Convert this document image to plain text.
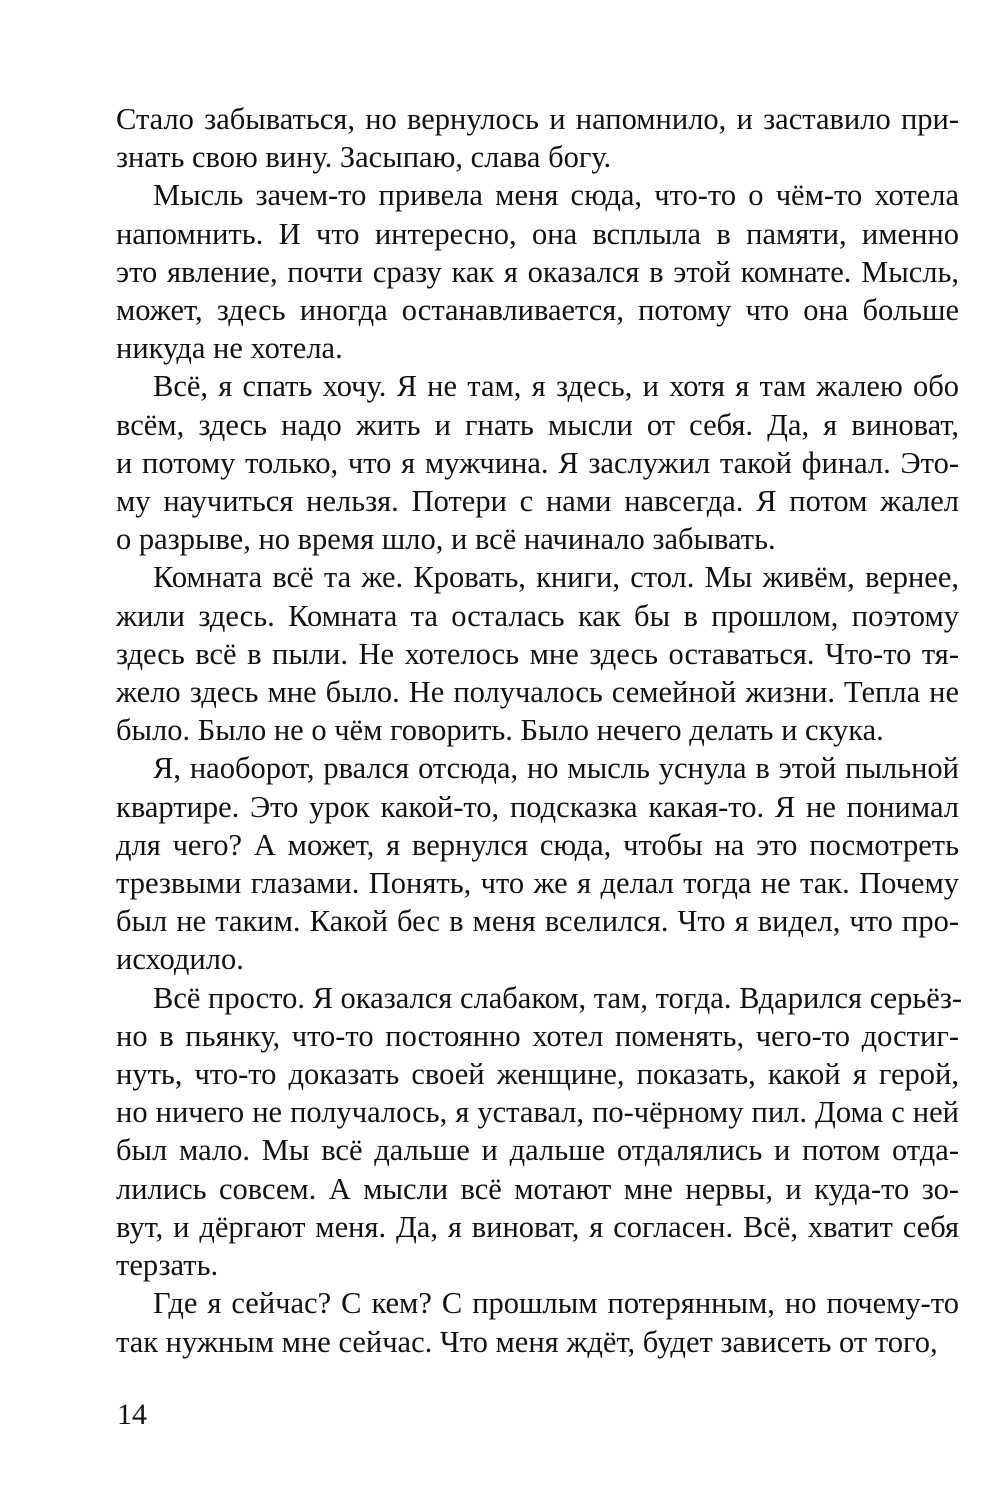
Стало забываться, но вернулось и напомнило, и заставило при-
знать свою вину. Засыпаю, слава богу.
Мысль зачем-то привела меня сюда, что-то о чём-то хотела
напомнить. И что интересно, она всплыла в памяти, именно
это явление, почти сразу как я оказался в этой комнате. Мысль,
может, здесь иногда останавливается, потому что она больше
никуда не хотела.
Всё, я спать хочу. Я не там, я здесь, и хотя я там жалею обо
всём, здесь надо жить и гнать мысли от себя. Да, я виноват,
и потому только, что я мужчина. Я заслужил такой финал. Это-
му научиться нельзя. Потери с нами навсегда. Я потом жалел
о разрыве, но время шло, и всё начинало забывать.
Комната всё та же. Кровать, книги, стол. Мы живём, вернее,
жили здесь. Комната та осталась как бы в прошлом, поэтому
здесь всё в пыли. Не хотелось мне здесь оставаться. Что-то тя-
жело здесь мне было. Не получалось семейной жизни. Тепла не
было. Было не о чём говорить. Было нечего делать и скука.
Я, наоборот, рвался отсюда, но мысль уснула в этой пыльной
квартире. Это урок какой-то, подсказка какая-то. Я не понимал
для чего? А может, я вернулся сюда, чтобы на это посмотреть
трезвыми глазами. Понять, что же я делал тогда не так. Почему
был не таким. Какой бес в меня вселился. Что я видел, что про-
исходило.
Всё просто. Я оказался слабаком, там, тогда. Вдарился серьёз-
но в пьянку, что-то постоянно хотел поменять, чего-то достиг-
нуть, что-то доказать своей женщине, показать, какой я герой,
но ничего не получалось, я уставал, по-чёрному пил. Дома с ней
был мало. Мы всё дальше и дальше отдалялись и потом отда-
лились совсем. А мысли всё мотают мне нервы, и куда-то зо-
вут, и дёргают меня. Да, я виноват, я согласен. Всё, хватит себя
терзать.
Где я сейчас? С кем? С прошлым потерянным, но почему-то
так нужным мне сейчас. Что меня ждёт, будет зависеть от того,
14
